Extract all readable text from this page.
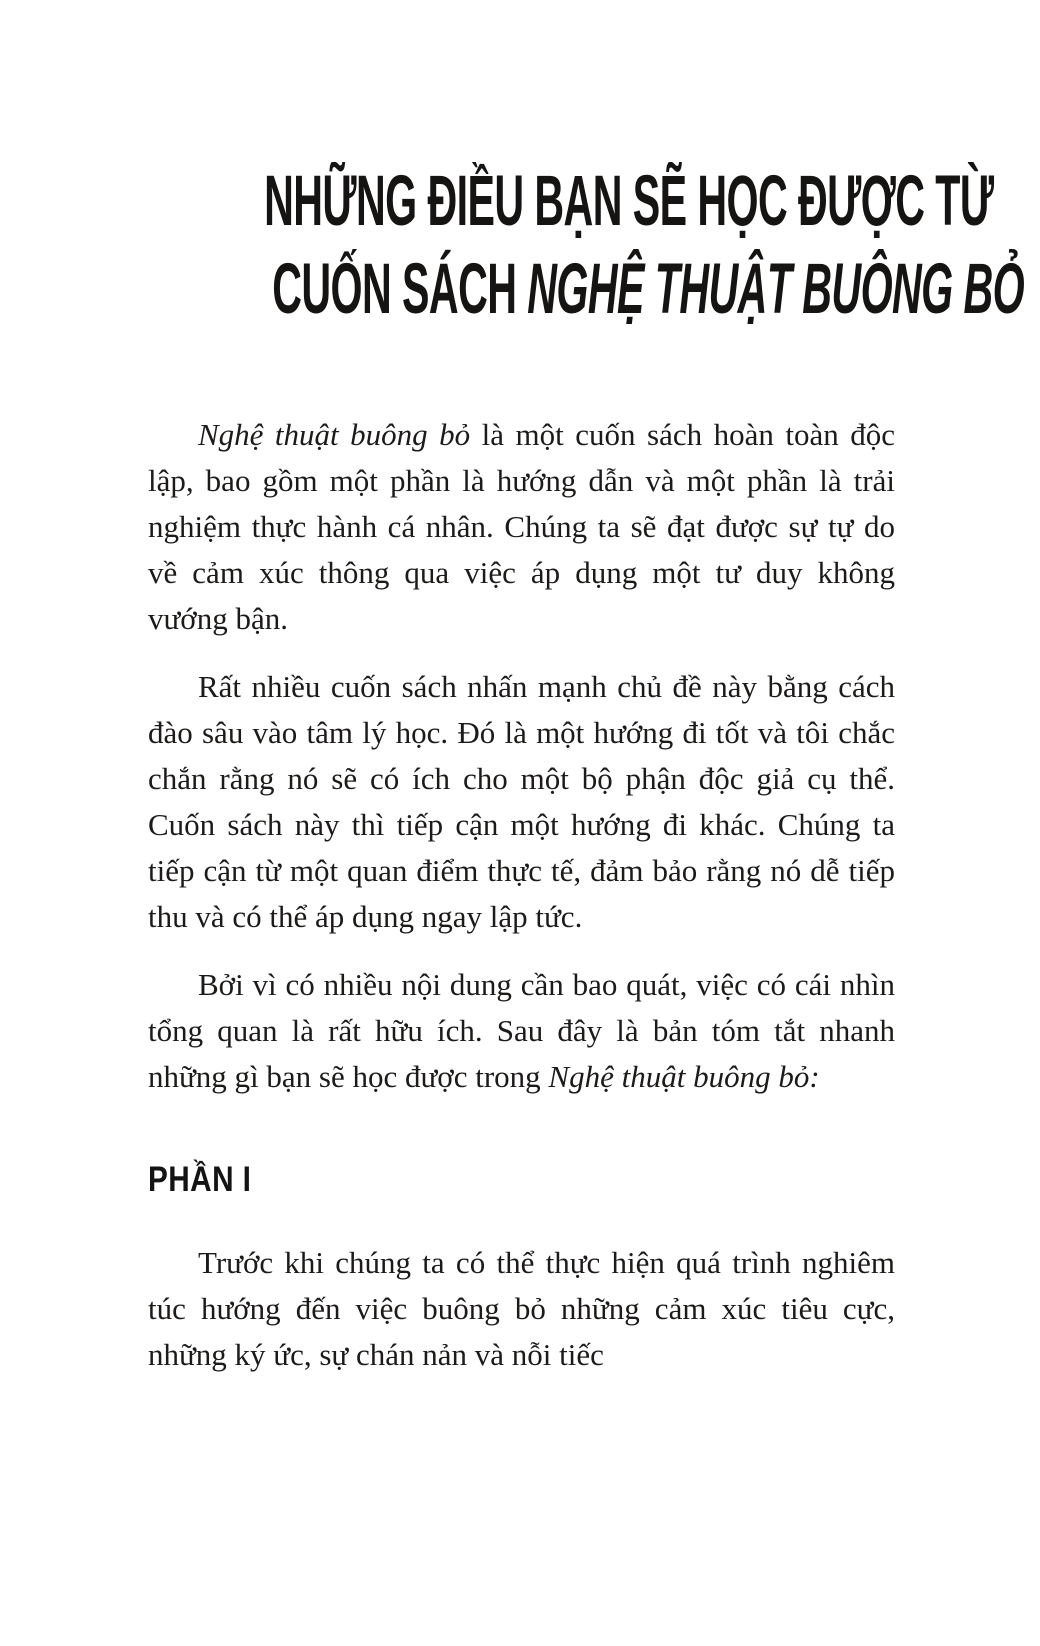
NHỮNG ĐIỀU BẠN SẼ HỌC ĐƯỢC TỪ
CUỐN SÁCH NGHỆ THUẬT BUÔNG BỎ

Nghệ thuật buông bỏ là một cuốn sách hoàn toàn độc lập, bao gồm một phần là hướng dẫn và một phần là trải nghiệm thực hành cá nhân. Chúng ta sẽ đạt được sự tự do về cảm xúc thông qua việc áp dụng một tư duy không vướng bận.

Rất nhiều cuốn sách nhấn mạnh chủ đề này bằng cách đào sâu vào tâm lý học. Đó là một hướng đi tốt và tôi chắc chắn rằng nó sẽ có ích cho một bộ phận độc giả cụ thể. Cuốn sách này thì tiếp cận một hướng đi khác. Chúng ta tiếp cận từ một quan điểm thực tế, đảm bảo rằng nó dễ tiếp thu và có thể áp dụng ngay lập tức.

Bởi vì có nhiều nội dung cần bao quát, việc có cái nhìn tổng quan là rất hữu ích. Sau đây là bản tóm tắt nhanh những gì bạn sẽ học được trong Nghệ thuật buông bỏ:

PHẦN I

Trước khi chúng ta có thể thực hiện quá trình nghiêm túc hướng đến việc buông bỏ những cảm xúc tiêu cực, những ký ức, sự chán nản và nỗi tiếc
